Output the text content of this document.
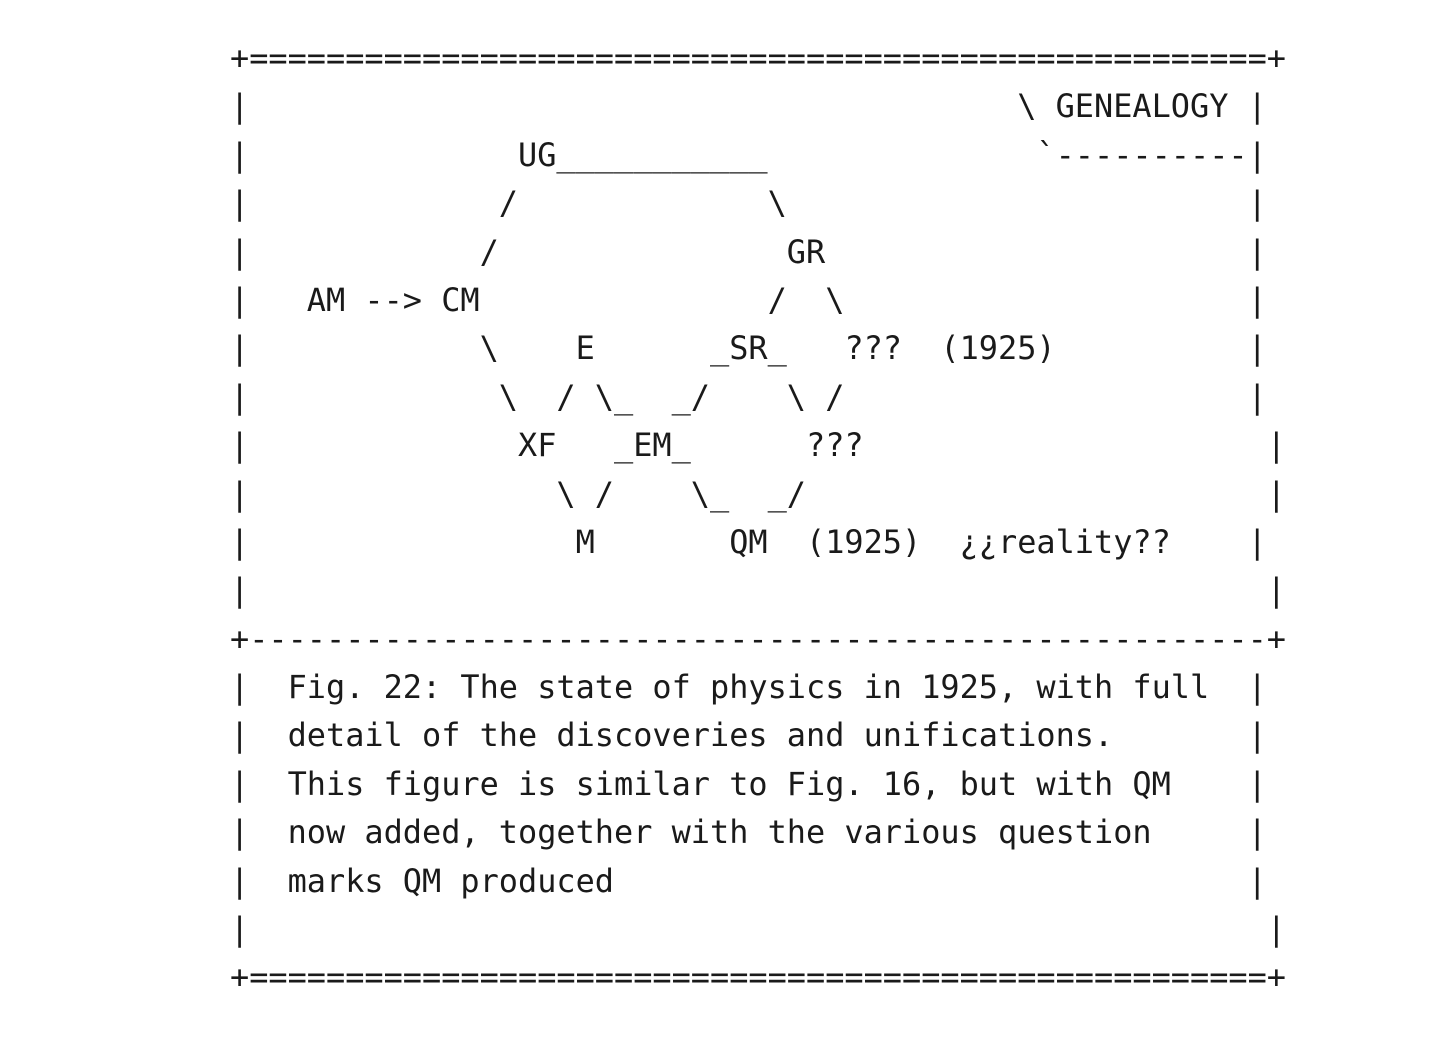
+=====================================================+
|                                        \ GENEALOGY |
|              UG___________              `----------|
|             /             \                        |
|            /               GR                      |
|   AM --> CM               /  \                     |
|            \    E      _SR_   ???  (1925)          |
|             \  / \_  _/    \ /                     |
|              XF   _EM_      ???                     |
|                \ /    \_  _/                        |
|                 M       QM  (1925)  ¿¿reality??    |
|                                                     |
+-----------------------------------------------------+
|  Fig. 22: The state of physics in 1925, with full  |
|  detail of the discoveries and unifications.       |
|  This figure is similar to Fig. 16, but with QM    |
|  now added, together with the various question     |
|  marks QM produced                                 |
|                                                     |
+=====================================================+
